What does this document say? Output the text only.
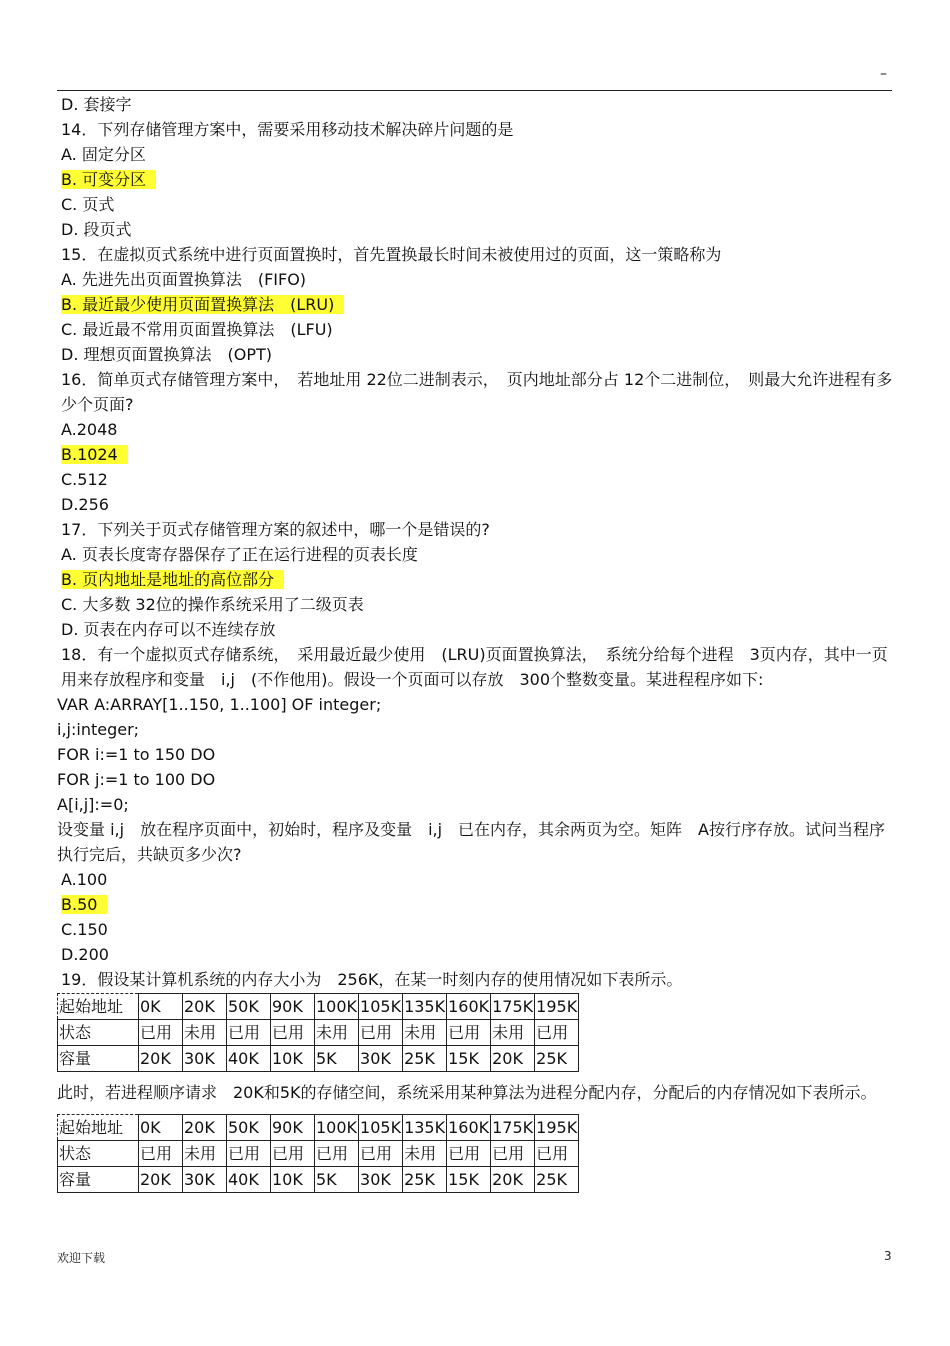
–
D. 套接字
14．下列存储管理方案中，需要采用移动技术解决碎片问题的是
A. 固定分区
B. 可变分区
C. 页式
D. 段页式
15．在虚拟页式系统中进行页面置换时，首先置换最长时间未被使用过的页面，这一策略称为
A. 先进先出页面置换算法　(FIFO)
B. 最近最少使用页面置换算法　(LRU)
C. 最近最不常用页面置换算法　(LFU)
D. 理想页面置换算法　(OPT)
16．简单页式存储管理方案中，　若地址用 22位二进制表示，　页内地址部分占 12个二进制位，　则最大允许进程有多少个页面?
A.2048
B.1024
C.512
D.256
17．下列关于页式存储管理方案的叙述中，哪一个是错误的?
A. 页表长度寄存器保存了正在运行进程的页表长度
B. 页内地址是地址的高位部分
C. 大多数 32位的操作系统采用了二级页表
D. 页表在内存可以不连续存放
18．有一个虚拟页式存储系统，　采用最近最少使用　(LRU)页面置换算法，　系统分给每个进程　3页内存，其中一页用来存放程序和变量　i,j　(不作他用)。假设一个页面可以存放　300个整数变量。某进程程序如下:
VAR A:ARRAY[1..150, 1..100] OF integer;
i,j:integer;
FOR i:=1 to 150 DO
FOR j:=1 to 100 DO
A[i,j]:=0;
设变量 i,j　放在程序页面中，初始时，程序及变量　i,j　已在内存，其余两页为空。矩阵　A按行序存放。试问当程序执行完后，共缺页多少次?
A.100
B.50
C.150
D.200
19．假设某计算机系统的内存大小为　256K，在某一时刻内存的使用情况如下表所示。
起始地址	0K	20K	50K	90K	100K	105K	135K	160K	175K	195K
状态	已用	未用	已用	已用	未用	已用	未用	已用	未用	已用
容量	20K	30K	40K	10K	5K	30K	25K	15K	20K	25K
此时，若进程顺序请求　20K和5K的存储空间，系统采用某种算法为进程分配内存，分配后的内存情况如下表所示。
起始地址	0K	20K	50K	90K	100K	105K	135K	160K	175K	195K
状态	已用	未用	已用	已用	已用	已用	未用	已用	已用	已用
容量	20K	30K	40K	10K	5K	30K	25K	15K	20K	25K
欢迎下载	3
